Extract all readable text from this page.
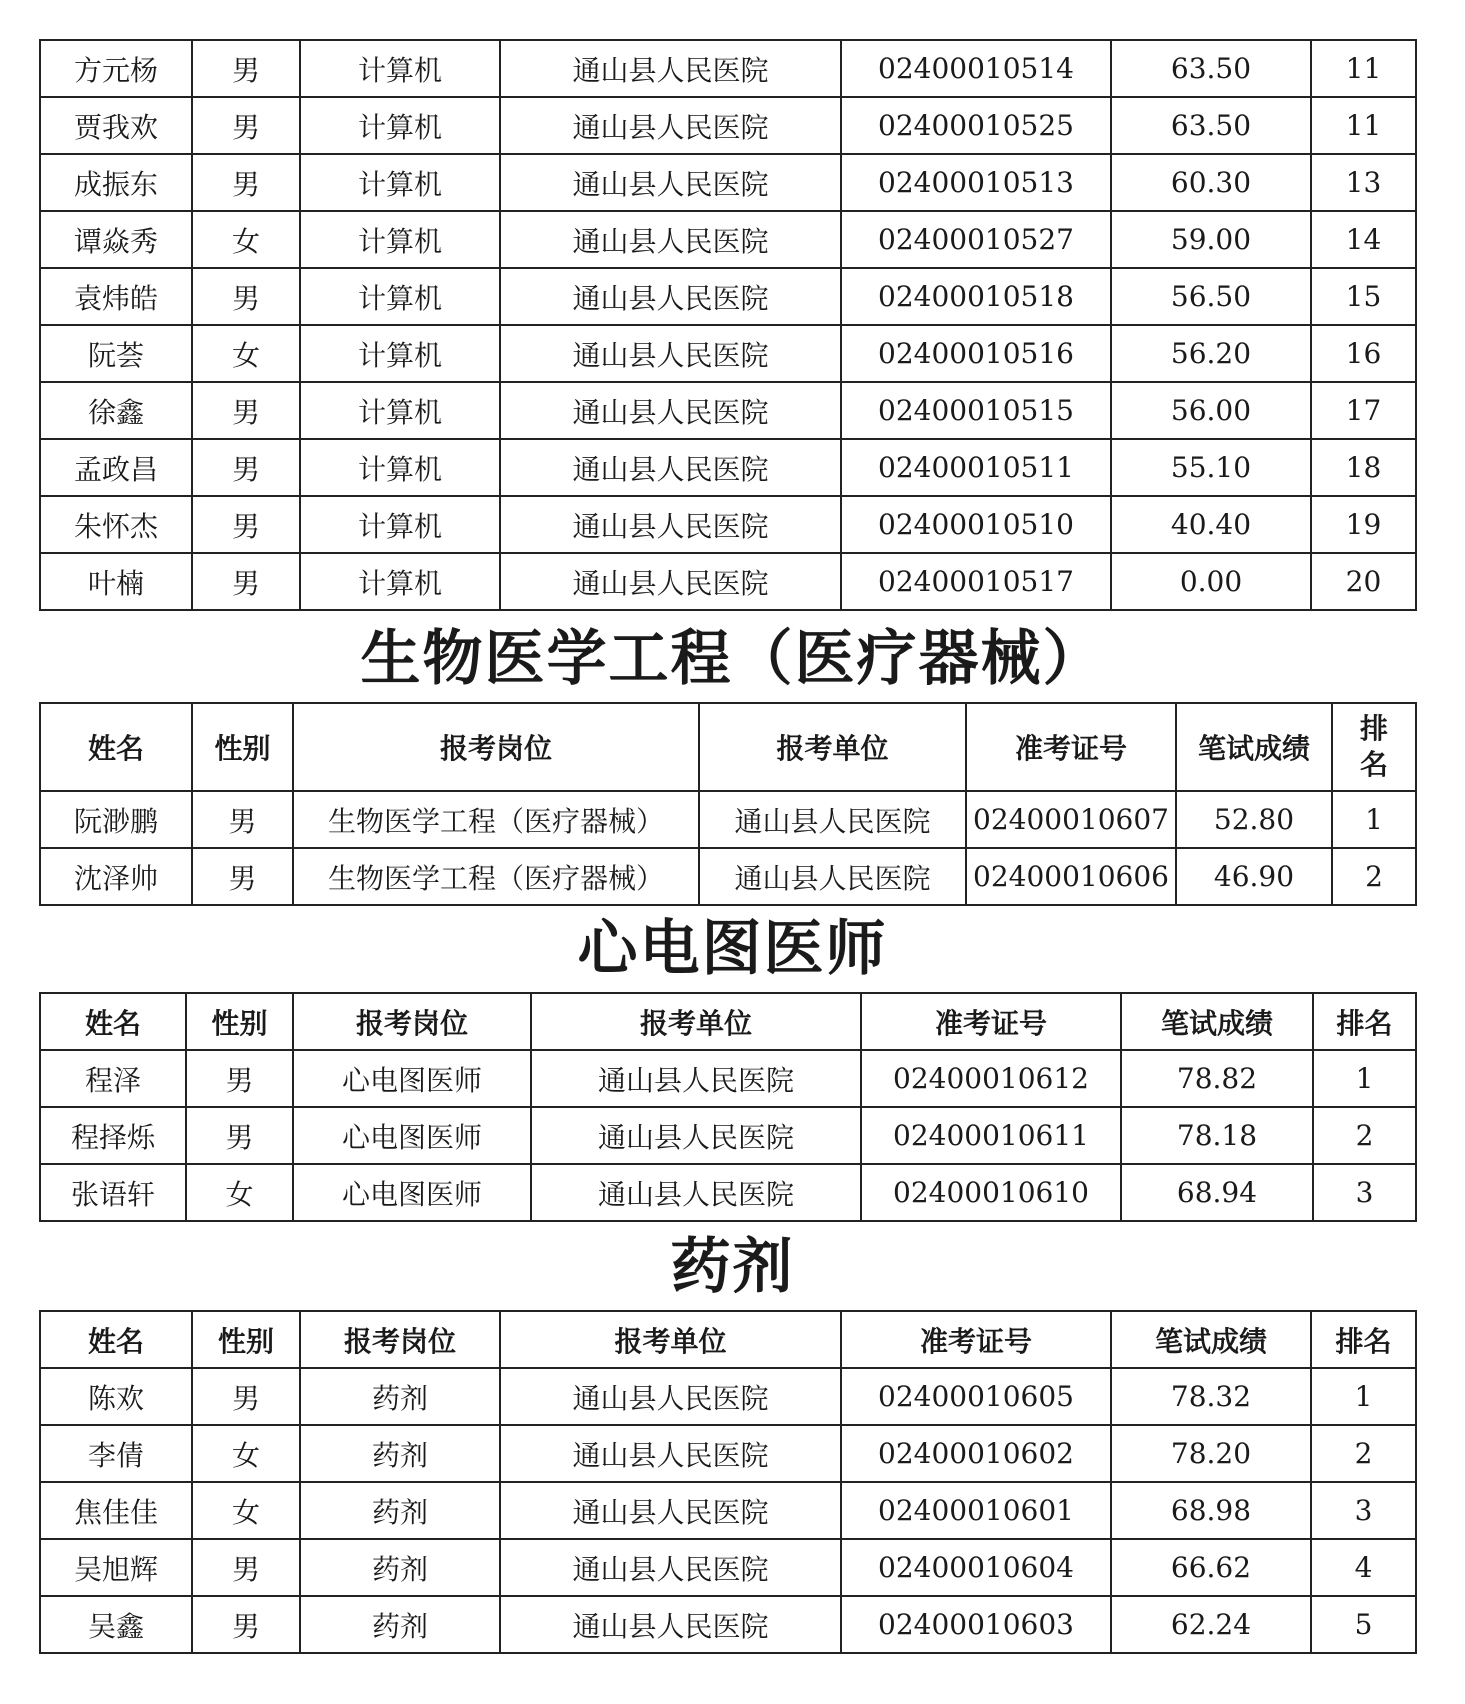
方元杨	男	计算机	通山县人民医院	02400010514	63.50	11
贾我欢	男	计算机	通山县人民医院	02400010525	63.50	11
成振东	男	计算机	通山县人民医院	02400010513	60.30	13
谭焱秀	女	计算机	通山县人民医院	02400010527	59.00	14
袁炜皓	男	计算机	通山县人民医院	02400010518	56.50	15
阮荟	女	计算机	通山县人民医院	02400010516	56.20	16
徐鑫	男	计算机	通山县人民医院	02400010515	56.00	17
孟政昌	男	计算机	通山县人民医院	02400010511	55.10	18
朱怀杰	男	计算机	通山县人民医院	02400010510	40.40	19
叶楠	男	计算机	通山县人民医院	02400010517	0.00	20
生物医学工程（医疗器械）
姓名	性别	报考岗位	报考单位	准考证号	笔试成绩	排
名
阮渺鹏	男	生物医学工程（医疗器械）	通山县人民医院	02400010607	52.80	1
沈泽帅	男	生物医学工程（医疗器械）	通山县人民医院	02400010606	46.90	2
心电图医师
姓名	性别	报考岗位	报考单位	准考证号	笔试成绩	排名
程泽	男	心电图医师	通山县人民医院	02400010612	78.82	1
程择烁	男	心电图医师	通山县人民医院	02400010611	78.18	2
张语轩	女	心电图医师	通山县人民医院	02400010610	68.94	3
药剂
姓名	性别	报考岗位	报考单位	准考证号	笔试成绩	排名
陈欢	男	药剂	通山县人民医院	02400010605	78.32	1
李倩	女	药剂	通山县人民医院	02400010602	78.20	2
焦佳佳	女	药剂	通山县人民医院	02400010601	68.98	3
吴旭辉	男	药剂	通山县人民医院	02400010604	66.62	4
吴鑫	男	药剂	通山县人民医院	02400010603	62.24	5
